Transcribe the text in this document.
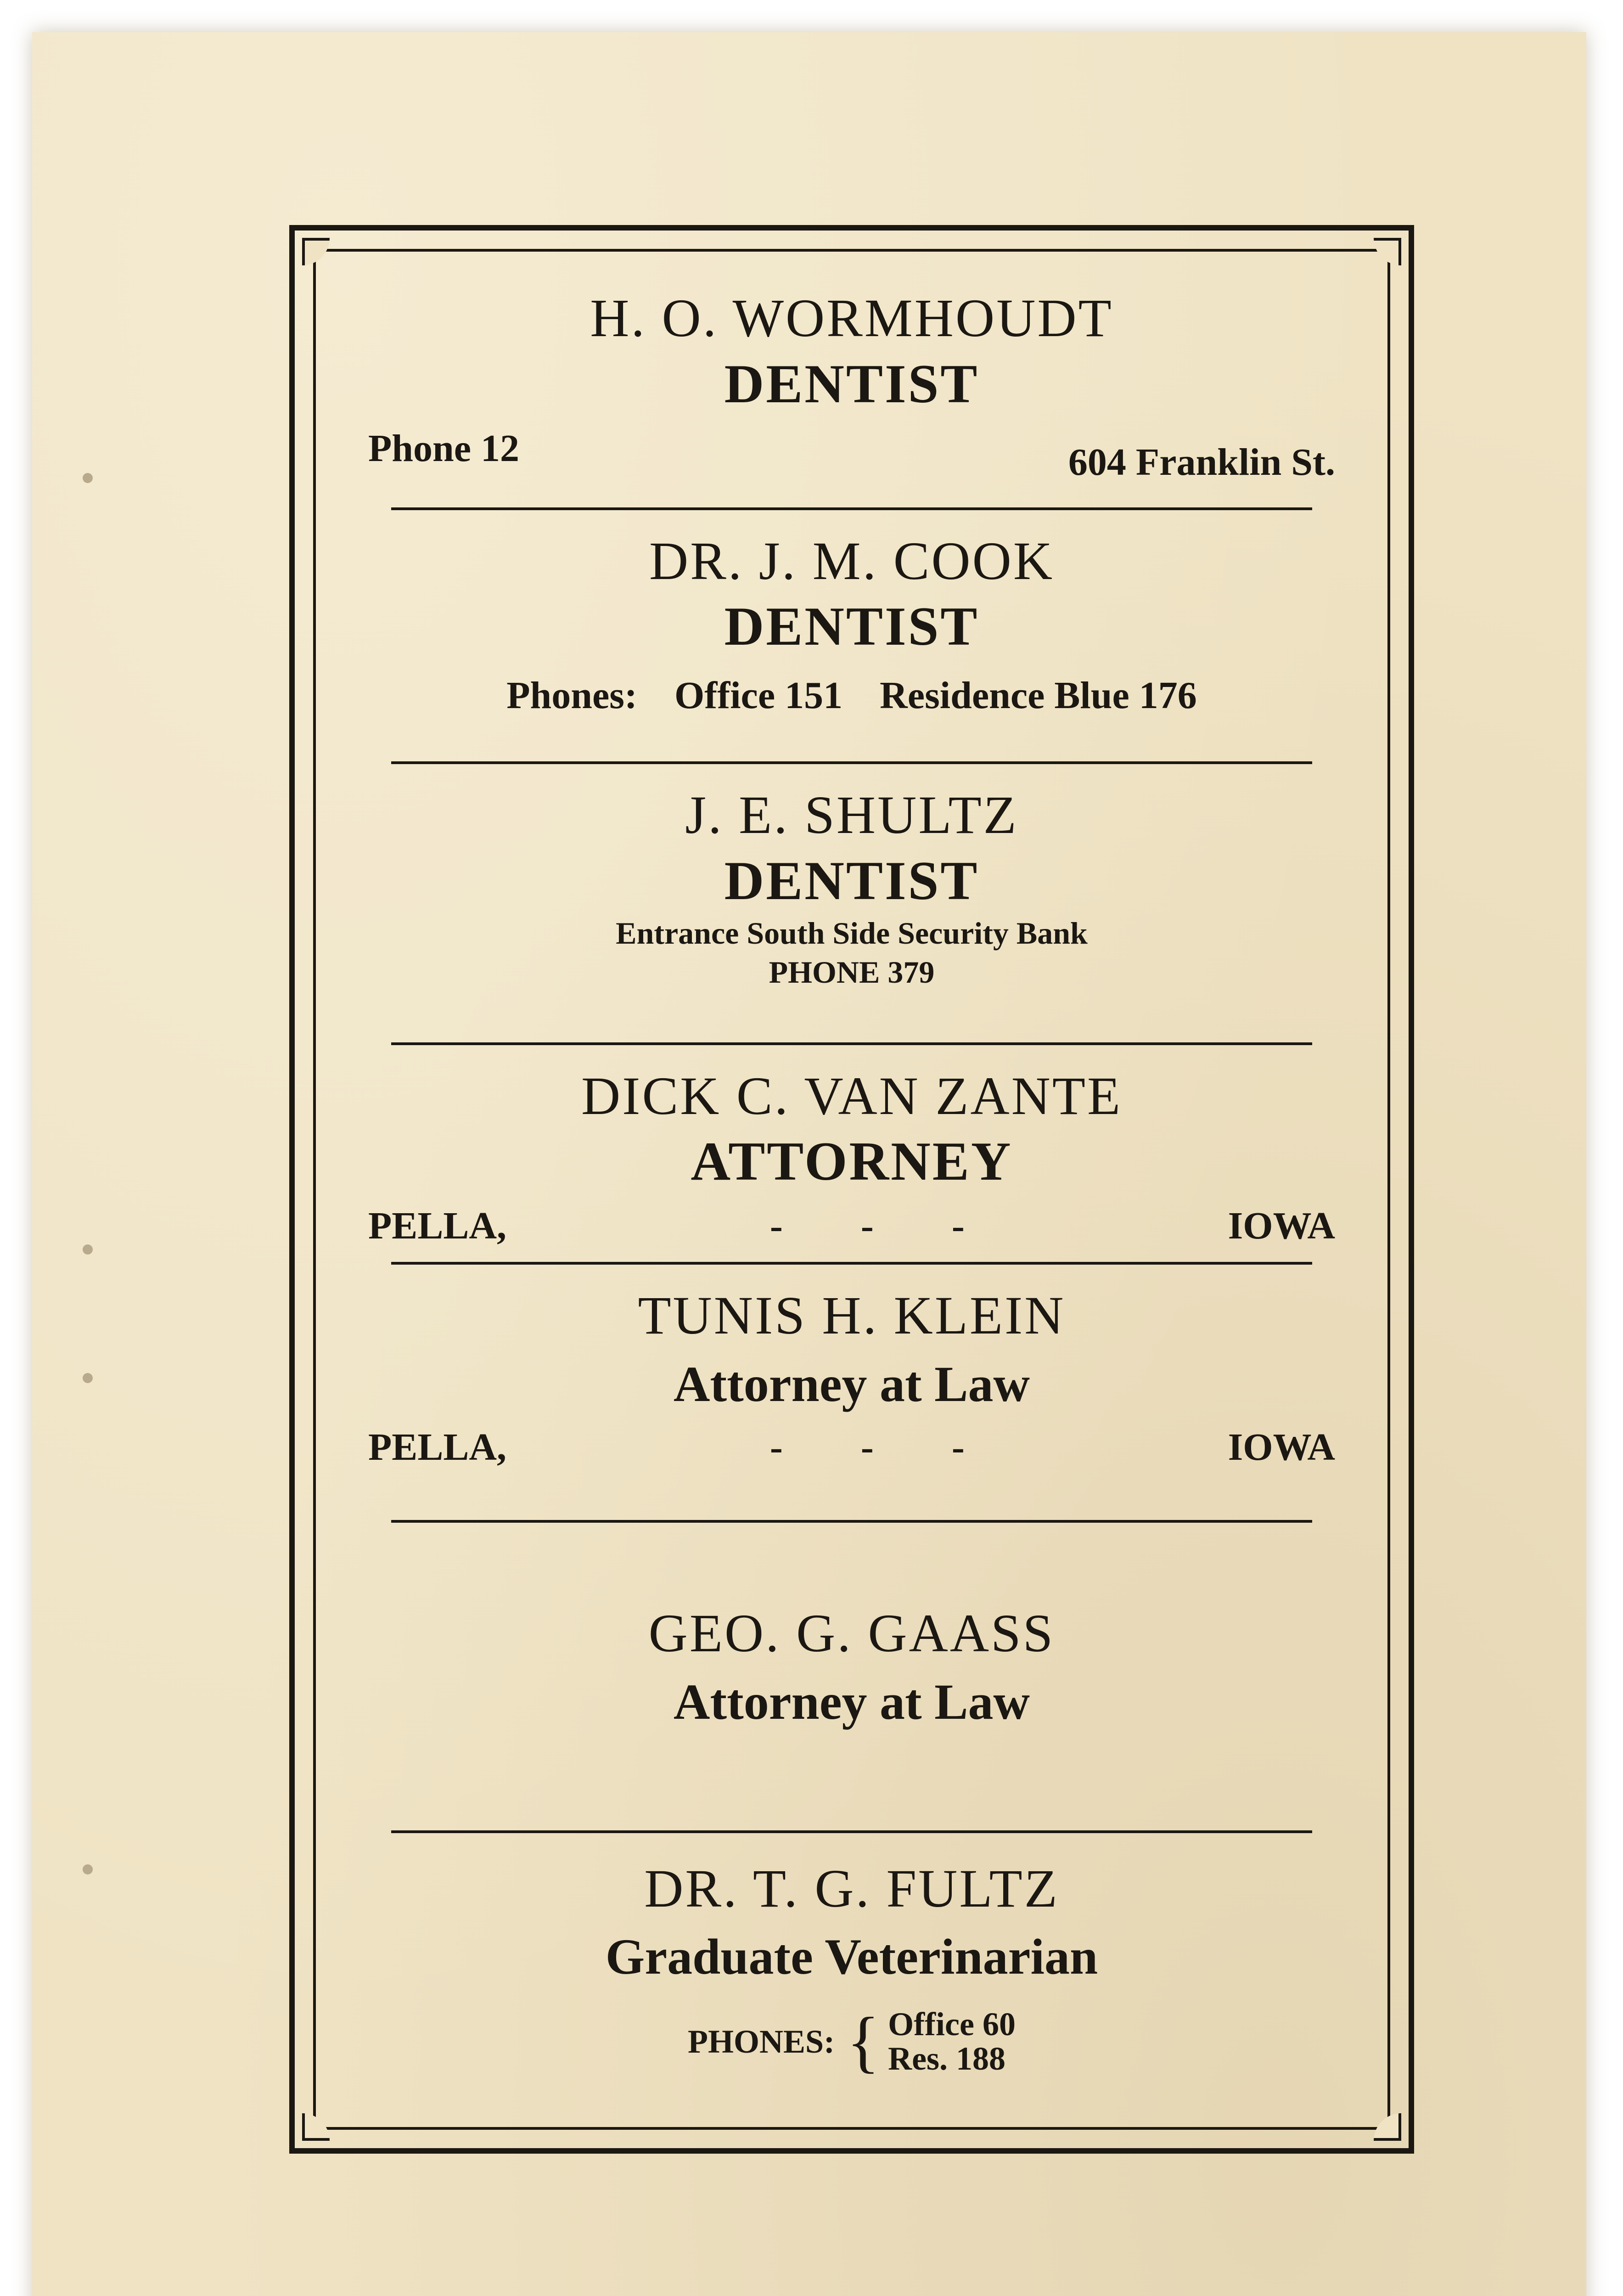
H. O. WORMHOUDT
DENTIST
Phone 12	604 Franklin St.
DR. J. M. COOK
DENTIST
Phones: Office 151 Residence Blue 176
J. E. SHULTZ
DENTIST
Entrance South Side Security Bank
PHONE 379
DICK C. VAN ZANTE
ATTORNEY
PELLA,	- - -	IOWA
TUNIS H. KLEIN
Attorney at Law
PELLA,	- - -	IOWA
GEO. G. GAASS
Attorney at Law
DR. T. G. FULTZ
Graduate Veterinarian
PHONES: { Office 60
Res. 188
